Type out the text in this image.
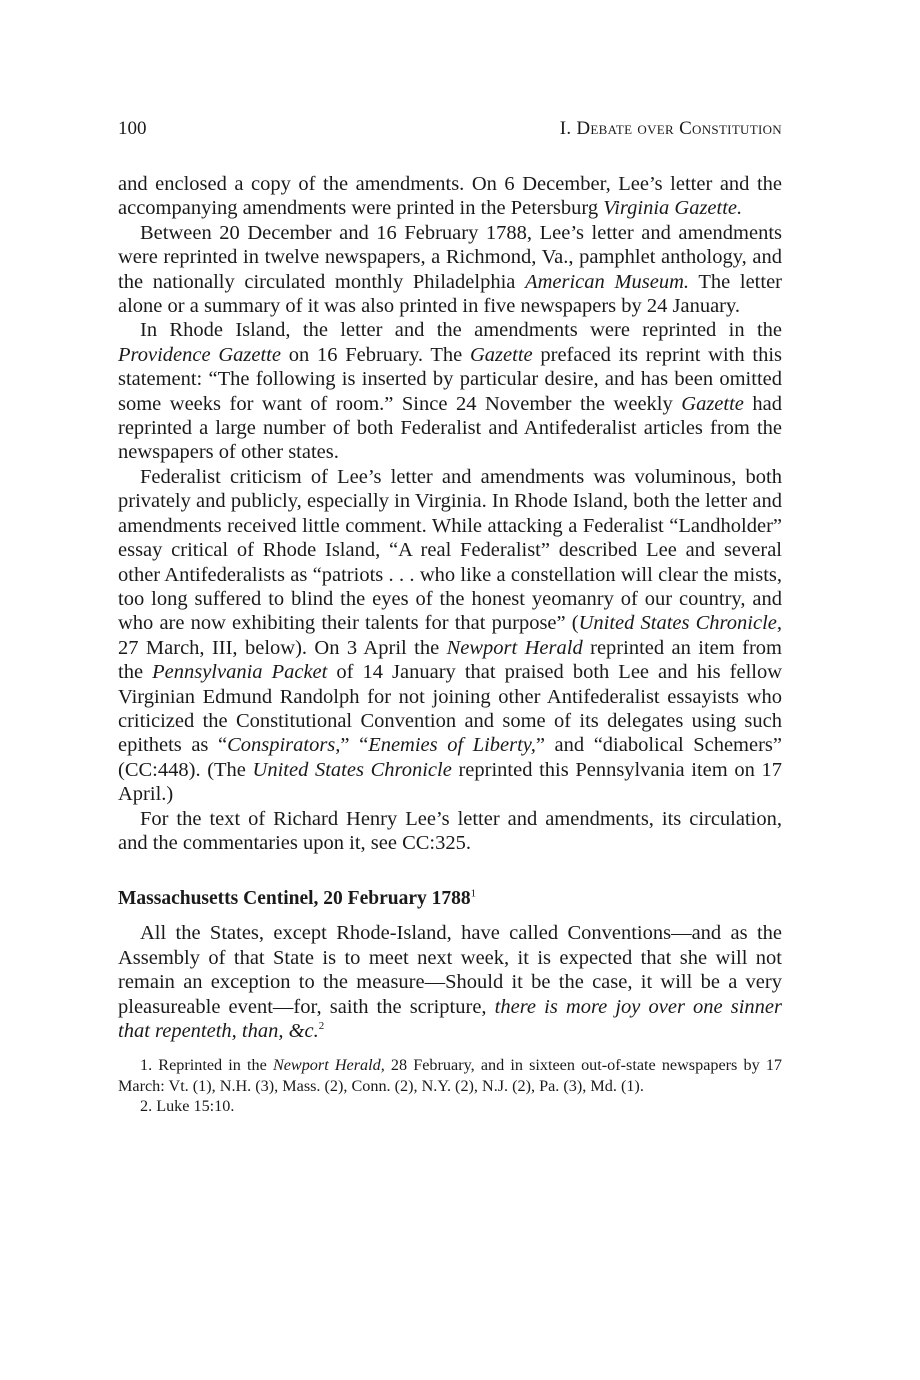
100	I. Debate over Constitution

and enclosed a copy of the amendments. On 6 December, Lee’s letter and the accompanying amendments were printed in the Petersburg Virginia Gazette.

Between 20 December and 16 February 1788, Lee’s letter and amendments were reprinted in twelve newspapers, a Richmond, Va., pamphlet anthology, and the nationally circulated monthly Philadelphia American Museum. The letter alone or a summary of it was also printed in five newspapers by 24 January.

In Rhode Island, the letter and the amendments were reprinted in the Providence Gazette on 16 February. The Gazette prefaced its reprint with this statement: “The following is inserted by particular desire, and has been omitted some weeks for want of room.” Since 24 November the weekly Gazette had reprinted a large number of both Federalist and Antifederalist articles from the newspapers of other states.

Federalist criticism of Lee’s letter and amendments was voluminous, both privately and publicly, especially in Virginia. In Rhode Island, both the letter and amendments received little comment. While attacking a Federalist “Landholder” essay critical of Rhode Island, “A real Federalist” described Lee and several other Antifederalists as “patriots . . . who like a constellation will clear the mists, too long suffered to blind the eyes of the honest yeomanry of our country, and who are now exhibiting their talents for that purpose” (United States Chronicle, 27 March, III, below). On 3 April the Newport Herald reprinted an item from the Pennsylvania Packet of 14 January that praised both Lee and his fellow Virginian Edmund Randolph for not joining other Antifederalist essayists who criticized the Constitutional Convention and some of its delegates using such epithets as “Conspirators,” “Enemies of Liberty,” and “diabolical Schemers” (CC:448). (The United States Chronicle reprinted this Pennsylvania item on 17 April.)

For the text of Richard Henry Lee’s letter and amendments, its circulation, and the commentaries upon it, see CC:325.

Massachusetts Centinel, 20 February 1788$^1$

All the States, except Rhode-Island, have called Conventions—and as the Assembly of that State is to meet next week, it is expected that she will not remain an exception to the measure—Should it be the case, it will be a very pleasureable event—for, saith the scripture, there is more joy over one sinner that repenteth, than, &c.$^2$

1. Reprinted in the Newport Herald, 28 February, and in sixteen out-of-state newspapers by 17 March: Vt. (1), N.H. (3), Mass. (2), Conn. (2), N.Y. (2), N.J. (2), Pa. (3), Md. (1).

2. Luke 15:10.
